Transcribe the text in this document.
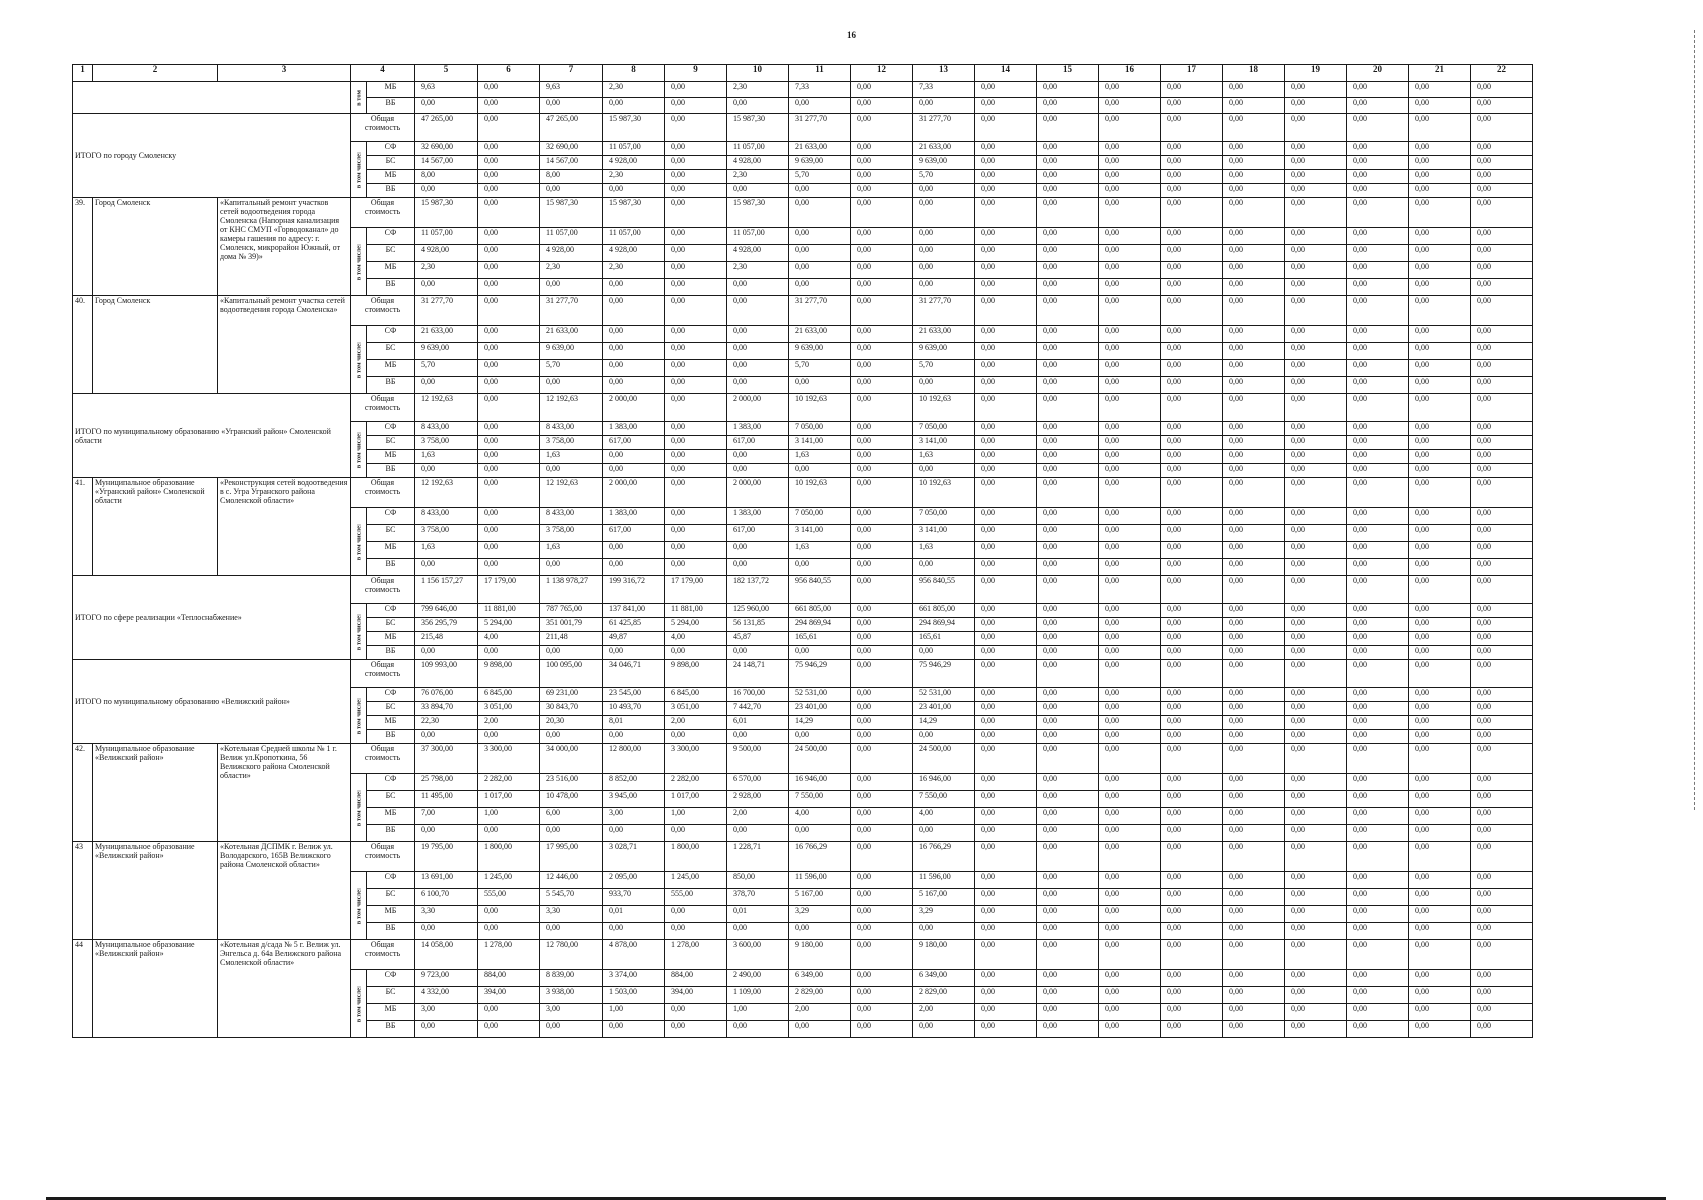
16
1	2	3	4		5	6	7	8	9	10	11	12	13	14	15	16	17	18	19	20	21	22

			в том	МБ	9,63	0,00	9,63	2,30	0,00	2,30	7,33	0,00	7,33	0,00	0,00	0,00	0,00	0,00	0,00	0,00	0,00	0,00
				ВБ	0,00	0,00	0,00	0,00	0,00	0,00	0,00	0,00	0,00	0,00	0,00	0,00	0,00	0,00	0,00	0,00	0,00	0,00
ИТОГО по городу Смоленску			Общая стоимость		47 265,00	0,00	47 265,00	15 987,30	0,00	15 987,30	31 277,70	0,00	31 277,70	0,00	0,00	0,00	0,00	0,00	0,00	0,00	0,00	0,00

			в том числе:	СФ	32 690,00	0,00	32 690,00	11 057,00	0,00	11 057,00	21 633,00	0,00	21 633,00	0,00	0,00	0,00	0,00	0,00	0,00	0,00	0,00	0,00
				БС	14 567,00	0,00	14 567,00	4 928,00	0,00	4 928,00	9 639,00	0,00	9 639,00	0,00	0,00	0,00	0,00	0,00	0,00	0,00	0,00	0,00
				МБ	8,00	0,00	8,00	2,30	0,00	2,30	5,70	0,00	5,70	0,00	0,00	0,00	0,00	0,00	0,00	0,00	0,00	0,00
				ВБ	0,00	0,00	0,00	0,00	0,00	0,00	0,00	0,00	0,00	0,00	0,00	0,00	0,00	0,00	0,00	0,00	0,00	0,00
39.	Город Смоленск	«Капитальный ремонт участков сетей водоотведения города Смоленска (Напорная канализация от КНС СМУП «Горводоканал» до камеры гашения по адресу: г. Смоленск, микрорайон Южный, от дома № 39)»	Общая стоимость		15 987,30	0,00	15 987,30	15 987,30	0,00	15 987,30	0,00	0,00	0,00	0,00	0,00	0,00	0,00	0,00	0,00	0,00	0,00	0,00

			в том числе:	СФ	11 057,00	0,00	11 057,00	11 057,00	0,00	11 057,00	0,00	0,00	0,00	0,00	0,00	0,00	0,00	0,00	0,00	0,00	0,00	0,00
				БС	4 928,00	0,00	4 928,00	4 928,00	0,00	4 928,00	0,00	0,00	0,00	0,00	0,00	0,00	0,00	0,00	0,00	0,00	0,00	0,00
				МБ	2,30	0,00	2,30	2,30	0,00	2,30	0,00	0,00	0,00	0,00	0,00	0,00	0,00	0,00	0,00	0,00	0,00	0,00
				ВБ	0,00	0,00	0,00	0,00	0,00	0,00	0,00	0,00	0,00	0,00	0,00	0,00	0,00	0,00	0,00	0,00	0,00	0,00
40.	Город Смоленск	«Капитальный ремонт участка сетей водоотведения города Смоленска»	Общая стоимость		31 277,70	0,00	31 277,70	0,00	0,00	0,00	31 277,70	0,00	31 277,70	0,00	0,00	0,00	0,00	0,00	0,00	0,00	0,00	0,00

			в том числе:	СФ	21 633,00	0,00	21 633,00	0,00	0,00	0,00	21 633,00	0,00	21 633,00	0,00	0,00	0,00	0,00	0,00	0,00	0,00	0,00	0,00
				БС	9 639,00	0,00	9 639,00	0,00	0,00	0,00	9 639,00	0,00	9 639,00	0,00	0,00	0,00	0,00	0,00	0,00	0,00	0,00	0,00
				МБ	5,70	0,00	5,70	0,00	0,00	0,00	5,70	0,00	5,70	0,00	0,00	0,00	0,00	0,00	0,00	0,00	0,00	0,00
				ВБ	0,00	0,00	0,00	0,00	0,00	0,00	0,00	0,00	0,00	0,00	0,00	0,00	0,00	0,00	0,00	0,00	0,00	0,00
ИТОГО по муниципальному образованию «Угранский район» Смоленской области			Общая стоимость		12 192,63	0,00	12 192,63	2 000,00	0,00	2 000,00	10 192,63	0,00	10 192,63	0,00	0,00	0,00	0,00	0,00	0,00	0,00	0,00	0,00

			в том числе:	СФ	8 433,00	0,00	8 433,00	1 383,00	0,00	1 383,00	7 050,00	0,00	7 050,00	0,00	0,00	0,00	0,00	0,00	0,00	0,00	0,00	0,00
				БС	3 758,00	0,00	3 758,00	617,00	0,00	617,00	3 141,00	0,00	3 141,00	0,00	0,00	0,00	0,00	0,00	0,00	0,00	0,00	0,00
				МБ	1,63	0,00	1,63	0,00	0,00	0,00	1,63	0,00	1,63	0,00	0,00	0,00	0,00	0,00	0,00	0,00	0,00	0,00
				ВБ	0,00	0,00	0,00	0,00	0,00	0,00	0,00	0,00	0,00	0,00	0,00	0,00	0,00	0,00	0,00	0,00	0,00	0,00
41.	Муниципальное образование «Угранский район» Смоленской области	«Реконструкция сетей водоотведения в с. Угра Угранского района Смоленской области»	Общая стоимость		12 192,63	0,00	12 192,63	2 000,00	0,00	2 000,00	10 192,63	0,00	10 192,63	0,00	0,00	0,00	0,00	0,00	0,00	0,00	0,00	0,00

			в том числе:	СФ	8 433,00	0,00	8 433,00	1 383,00	0,00	1 383,00	7 050,00	0,00	7 050,00	0,00	0,00	0,00	0,00	0,00	0,00	0,00	0,00	0,00
				БС	3 758,00	0,00	3 758,00	617,00	0,00	617,00	3 141,00	0,00	3 141,00	0,00	0,00	0,00	0,00	0,00	0,00	0,00	0,00	0,00
				МБ	1,63	0,00	1,63	0,00	0,00	0,00	1,63	0,00	1,63	0,00	0,00	0,00	0,00	0,00	0,00	0,00	0,00	0,00
				ВБ	0,00	0,00	0,00	0,00	0,00	0,00	0,00	0,00	0,00	0,00	0,00	0,00	0,00	0,00	0,00	0,00	0,00	0,00
ИТОГО по сфере реализации «Теплоснабжение»			Общая стоимость		1 156 157,27	17 179,00	1 138 978,27	199 316,72	17 179,00	182 137,72	956 840,55	0,00	956 840,55	0,00	0,00	0,00	0,00	0,00	0,00	0,00	0,00	0,00

			в том числе:	СФ	799 646,00	11 881,00	787 765,00	137 841,00	11 881,00	125 960,00	661 805,00	0,00	661 805,00	0,00	0,00	0,00	0,00	0,00	0,00	0,00	0,00	0,00
				БС	356 295,79	5 294,00	351 001,79	61 425,85	5 294,00	56 131,85	294 869,94	0,00	294 869,94	0,00	0,00	0,00	0,00	0,00	0,00	0,00	0,00	0,00
				МБ	215,48	4,00	211,48	49,87	4,00	45,87	165,61	0,00	165,61	0,00	0,00	0,00	0,00	0,00	0,00	0,00	0,00	0,00
				ВБ	0,00	0,00	0,00	0,00	0,00	0,00	0,00	0,00	0,00	0,00	0,00	0,00	0,00	0,00	0,00	0,00	0,00	0,00
ИТОГО по муниципальному образованию «Велижский район»			Общая стоимость		109 993,00	9 898,00	100 095,00	34 046,71	9 898,00	24 148,71	75 946,29	0,00	75 946,29	0,00	0,00	0,00	0,00	0,00	0,00	0,00	0,00	0,00

			в том числе:	СФ	76 076,00	6 845,00	69 231,00	23 545,00	6 845,00	16 700,00	52 531,00	0,00	52 531,00	0,00	0,00	0,00	0,00	0,00	0,00	0,00	0,00	0,00
				БС	33 894,70	3 051,00	30 843,70	10 493,70	3 051,00	7 442,70	23 401,00	0,00	23 401,00	0,00	0,00	0,00	0,00	0,00	0,00	0,00	0,00	0,00
				МБ	22,30	2,00	20,30	8,01	2,00	6,01	14,29	0,00	14,29	0,00	0,00	0,00	0,00	0,00	0,00	0,00	0,00	0,00
				ВБ	0,00	0,00	0,00	0,00	0,00	0,00	0,00	0,00	0,00	0,00	0,00	0,00	0,00	0,00	0,00	0,00	0,00	0,00
42.	Муниципальное образование «Велижский район»	«Котельная Средней школы № 1 г. Велиж ул.Кропоткина, 56 Велижского района Смоленской области»	Общая стоимость		37 300,00	3 300,00	34 000,00	12 800,00	3 300,00	9 500,00	24 500,00	0,00	24 500,00	0,00	0,00	0,00	0,00	0,00	0,00	0,00	0,00	0,00

			в том числе:	СФ	25 798,00	2 282,00	23 516,00	8 852,00	2 282,00	6 570,00	16 946,00	0,00	16 946,00	0,00	0,00	0,00	0,00	0,00	0,00	0,00	0,00	0,00
				БС	11 495,00	1 017,00	10 478,00	3 945,00	1 017,00	2 928,00	7 550,00	0,00	7 550,00	0,00	0,00	0,00	0,00	0,00	0,00	0,00	0,00	0,00
				МБ	7,00	1,00	6,00	3,00	1,00	2,00	4,00	0,00	4,00	0,00	0,00	0,00	0,00	0,00	0,00	0,00	0,00	0,00
				ВБ	0,00	0,00	0,00	0,00	0,00	0,00	0,00	0,00	0,00	0,00	0,00	0,00	0,00	0,00	0,00	0,00	0,00	0,00
43	Муниципальное образование «Велижский район»	«Котельная ДСПМК г. Велиж ул. Володарского, 165В Велижского района Смоленской области»	Общая стоимость		19 795,00	1 800,00	17 995,00	3 028,71	1 800,00	1 228,71	16 766,29	0,00	16 766,29	0,00	0,00	0,00	0,00	0,00	0,00	0,00	0,00	0,00

			в том числе:	СФ	13 691,00	1 245,00	12 446,00	2 095,00	1 245,00	850,00	11 596,00	0,00	11 596,00	0,00	0,00	0,00	0,00	0,00	0,00	0,00	0,00	0,00
				БС	6 100,70	555,00	5 545,70	933,70	555,00	378,70	5 167,00	0,00	5 167,00	0,00	0,00	0,00	0,00	0,00	0,00	0,00	0,00	0,00
				МБ	3,30	0,00	3,30	0,01	0,00	0,01	3,29	0,00	3,29	0,00	0,00	0,00	0,00	0,00	0,00	0,00	0,00	0,00
				ВБ	0,00	0,00	0,00	0,00	0,00	0,00	0,00	0,00	0,00	0,00	0,00	0,00	0,00	0,00	0,00	0,00	0,00	0,00
44	Муниципальное образование «Велижский район»	«Котельная д/сада № 5 г. Велиж ул. Энгельса д. 64а Велижского района Смоленской области»	Общая стоимость		14 058,00	1 278,00	12 780,00	4 878,00	1 278,00	3 600,00	9 180,00	0,00	9 180,00	0,00	0,00	0,00	0,00	0,00	0,00	0,00	0,00	0,00

			в том числе:	СФ	9 723,00	884,00	8 839,00	3 374,00	884,00	2 490,00	6 349,00	0,00	6 349,00	0,00	0,00	0,00	0,00	0,00	0,00	0,00	0,00	0,00
				БС	4 332,00	394,00	3 938,00	1 503,00	394,00	1 109,00	2 829,00	0,00	2 829,00	0,00	0,00	0,00	0,00	0,00	0,00	0,00	0,00	0,00
				МБ	3,00	0,00	3,00	1,00	0,00	1,00	2,00	0,00	2,00	0,00	0,00	0,00	0,00	0,00	0,00	0,00	0,00	0,00
				ВБ	0,00	0,00	0,00	0,00	0,00	0,00	0,00	0,00	0,00	0,00	0,00	0,00	0,00	0,00	0,00	0,00	0,00	0,00
